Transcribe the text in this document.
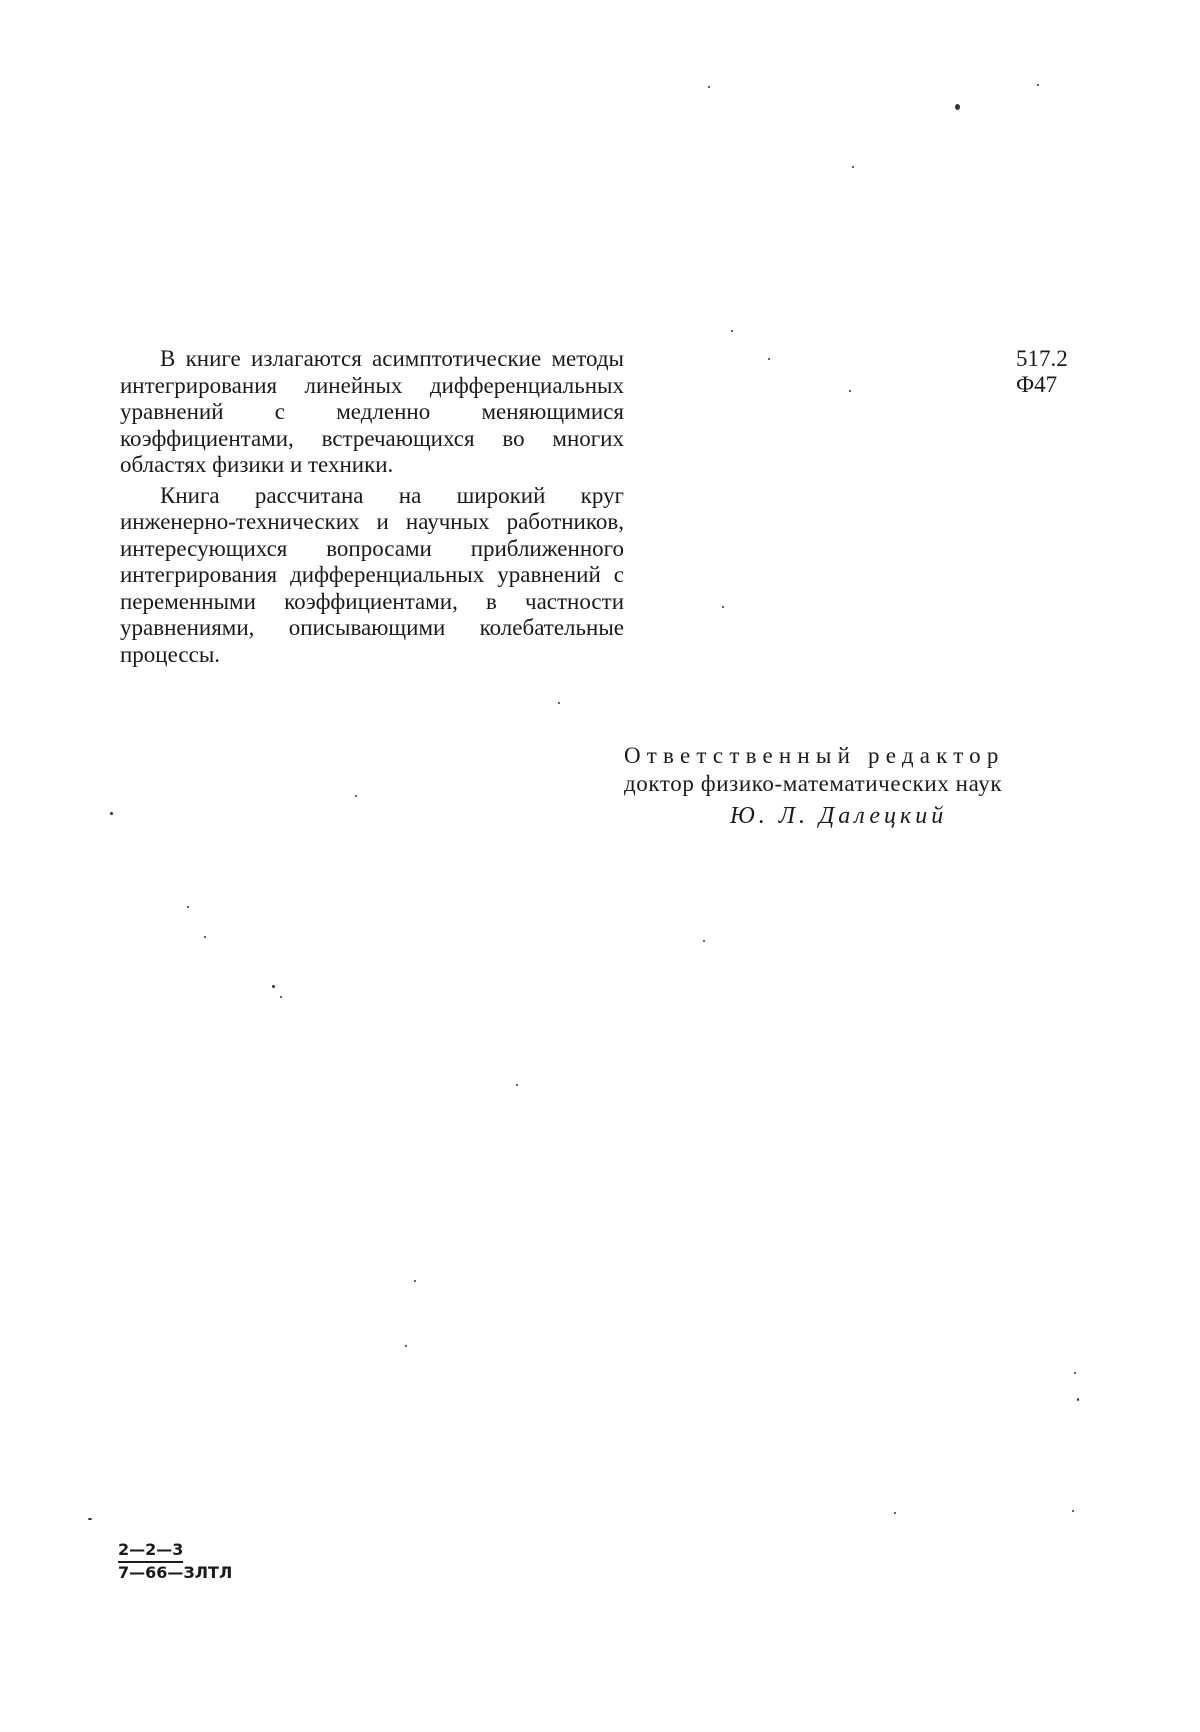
В книге излагаются асимптотические методы интегрирования линейных дифференциальных уравнений с медленно меняющимися коэффициентами, встречающихся во многих областях физики и техники.

Книга рассчитана на широкий круг инженерно-технических и научных работников, интересующихся вопросами приближенного интегрирования дифференциальных уравнений с переменными коэффициентами, в частности уравнениями, описывающими колебательные процессы.

517.2
Ф47
Ответственный редактор
доктор физико-математических наук
Ю. Л. Далецкий
2—2—3
7—66—ЗЛТЛ
